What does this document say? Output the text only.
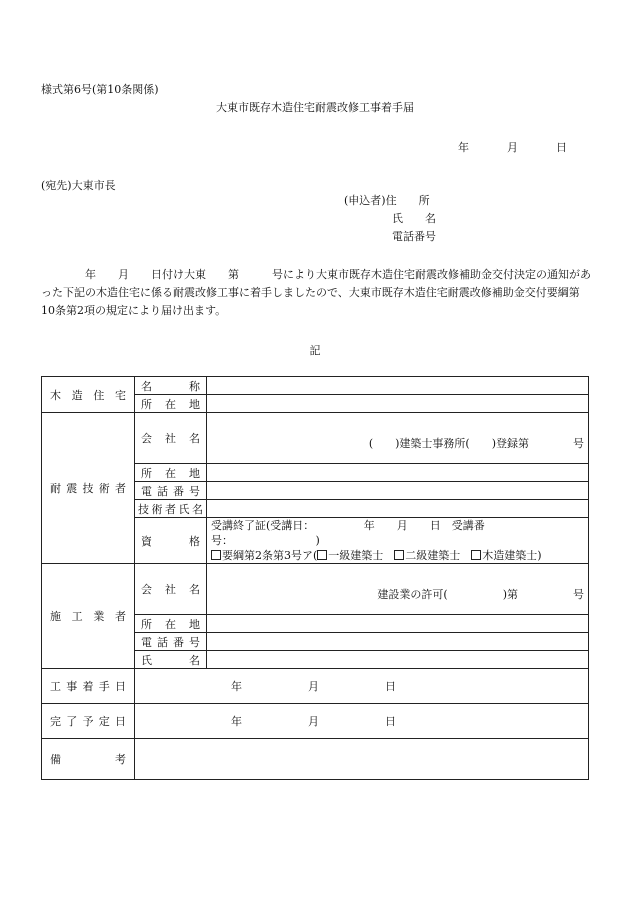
様式第6号(第10条関係)
大東市既存木造住宅耐震改修工事着手届
年	月	日
(宛先)大東市長
(申込者) 住　　所
氏　　名
電話番号
　　　　年　　月　　日付け大東　　第　　　号により大東市既存木造住宅耐震改修補助金交付決定の通知があった下記の木造住宅に係る耐震改修工事に着手しましたので、大東市既存木造住宅耐震改修補助金交付要綱第10条第2項の規定により届け出ます。
記
木造住宅	名称	
	所在地	
耐震技術者	会社名	(　　)建築士事務所(　　)登録第　　　　号
	所在地	
	電話番号	
	技術者氏名	
	資格	受講終了証(受講日：　　　　　年　　月　　日　受講番号：　　　　　　　　)
要綱第2条第3号ア( 一級建築士　 二級建築士　 木造建築士)

施工業者	会社名	建設業の許可(　　　　　)第　　　　　号
	所在地	
	電話番号	
	氏名	
工事着手日	年　　　　　　月　　　　　　日	
完了予定日	年　　　　　　月　　　　　　日	
備考		
